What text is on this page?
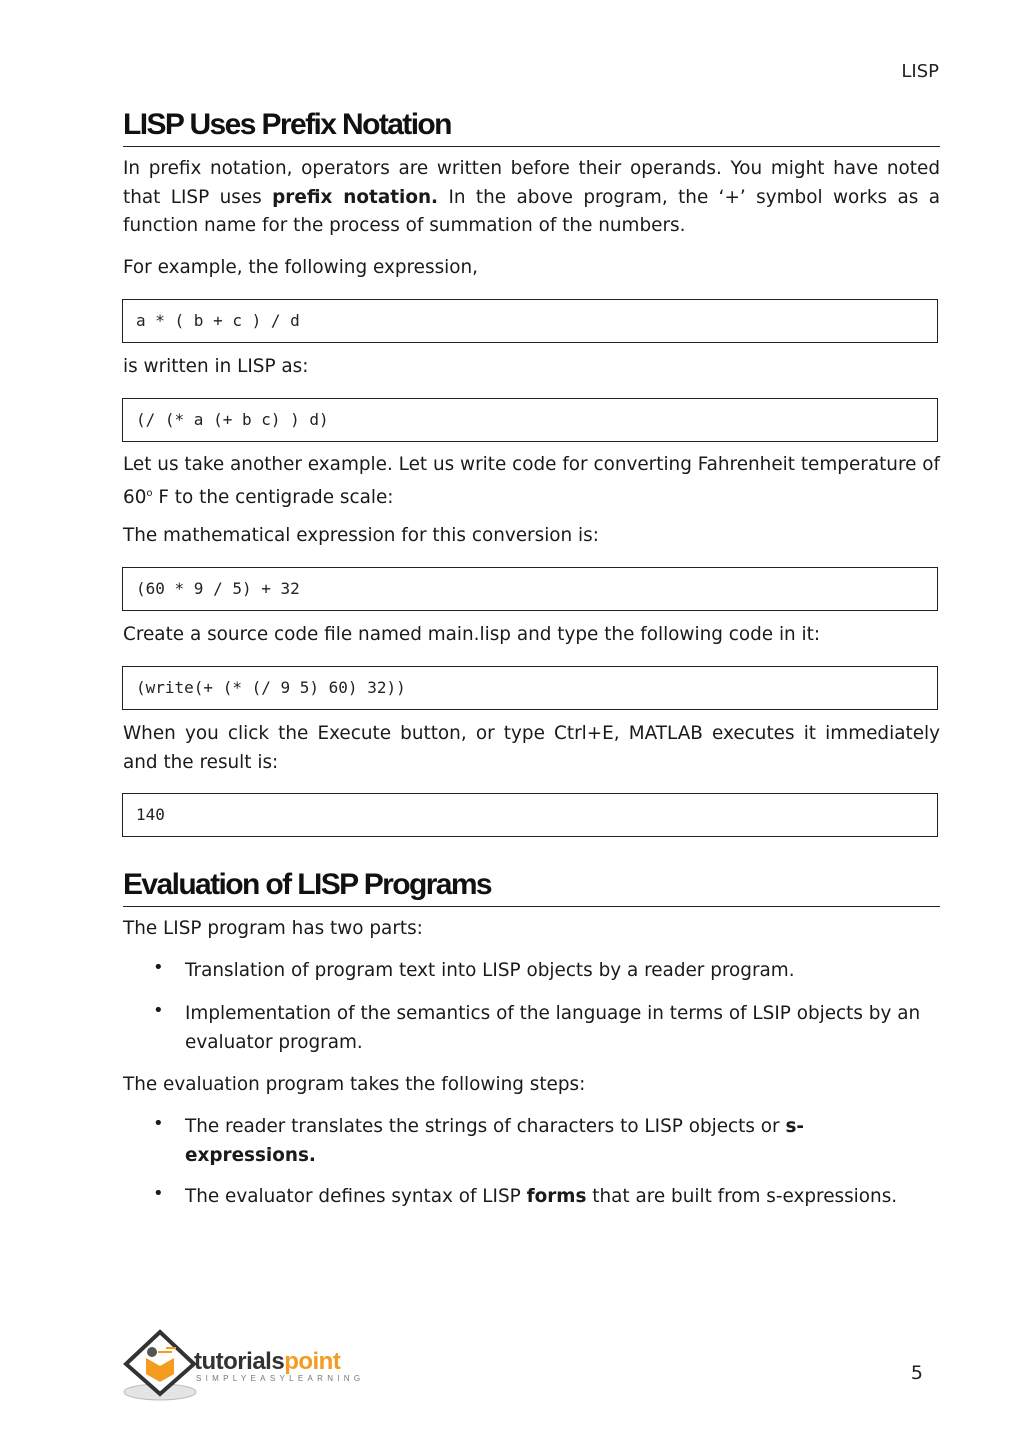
LISP
LISP Uses Prefix Notation

In prefix notation, operators are written before their operands. You might have noted that LISP uses prefix notation. In the above program, the ‘+’ symbol works as a function name for the process of summation of the numbers.

For example, the following expression,

a * ( b + c ) / d

is written in LISP as:

(/ (* a (+ b c) ) d)

Let us take another example. Let us write code for converting Fahrenheit temperature of 60$^o$ F to the centigrade scale:

The mathematical expression for this conversion is:

(60 * 9 / 5) + 32

Create a source code file named main.lisp and type the following code in it:

(write(+ (* (/ 9 5) 60) 32))

When you click the Execute button, or type Ctrl+E, MATLAB executes it immediately and the result is:

140
Evaluation of LISP Programs

The LISP program has two parts:

• Translation of program text into LISP objects by a reader program.

• Implementation of the semantics of the language in terms of LSIP objects by an evaluator program.

The evaluation program takes the following steps:

• The reader translates the strings of characters to LISP objects or s-expressions.

• The evaluator defines syntax of LISP forms that are built from s-expressions.

tutorialspoint
SIMPLYEASYLEARNING	5
